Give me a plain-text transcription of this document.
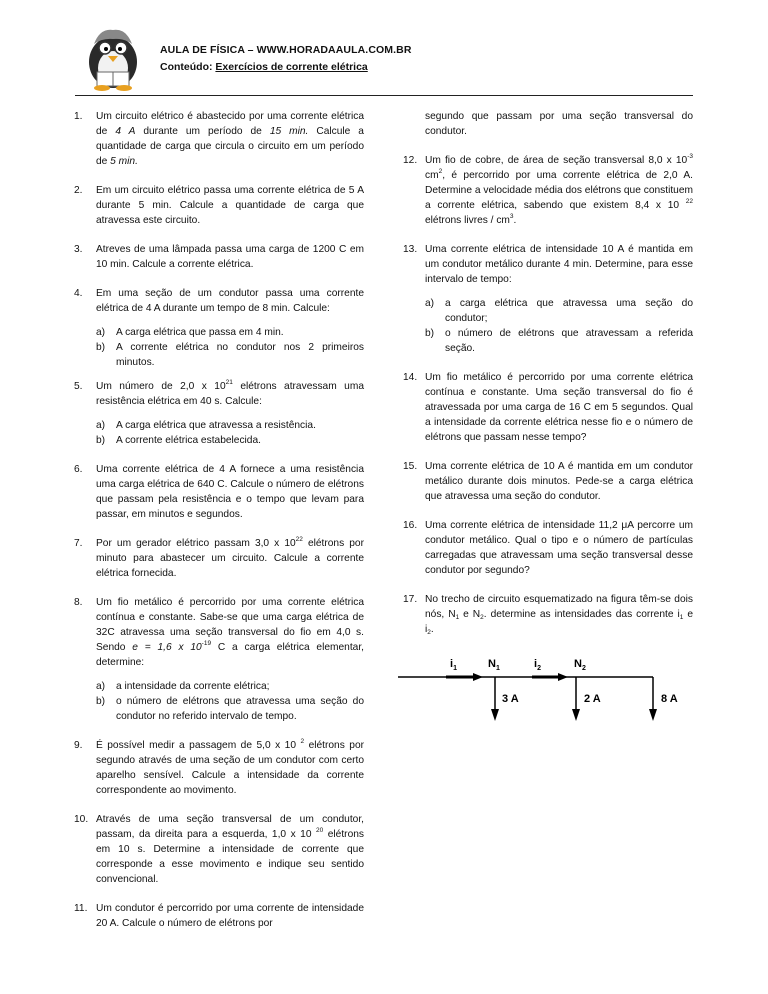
AULA DE FÍSICA – WWW.HORADAAULA.COM.BR
Conteúdo: Exercícios de corrente elétrica
1. Um circuito elétrico é abastecido por uma corrente elétrica de 4 A durante um período de 15 min. Calcule a quantidade de carga que circula o circuito em um período de 5 min.
2. Em um circuito elétrico passa uma corrente elétrica de 5 A durante 5 min. Calcule a quantidade de carga que atravessa este circuito.
3. Atreves de uma lâmpada passa uma carga de 1200 C em 10 min. Calcule a corrente elétrica.
4. Em uma seção de um condutor passa uma corrente elétrica de 4 A durante um tempo de 8 min. Calcule:
a) A carga elétrica que passa em 4 min.
b) A corrente elétrica no condutor nos 2 primeiros minutos.
5. Um número de 2,0 x $10^{21}$ elétrons atravessam uma resistência elétrica em 40 s. Calcule:
a) A carga elétrica que atravessa a resistência.
b) A corrente elétrica estabelecida.
6. Uma corrente elétrica de 4 A fornece a uma resistência uma carga elétrica de 640 C. Calcule o número de elétrons que passam pela resistência e o tempo que levam para passar, em minutos e segundos.
7. Por um gerador elétrico passam 3,0 x $10^{22}$ elétrons por minuto para abastecer um circuito. Calcule a corrente elétrica fornecida.
8. Um fio metálico é percorrido por uma corrente elétrica contínua e constante. Sabe-se que uma carga elétrica de 32C atravessa uma seção transversal do fio em 4,0 s. Sendo e = 1,6 x $10^{-19}$ C a carga elétrica elementar, determine:
a) a intensidade da corrente elétrica;
b) o número de elétrons que atravessa uma seção do condutor no referido intervalo de tempo.
9. É possível medir a passagem de 5,0 x 10 $^2$ elétrons por segundo através de uma seção de um condutor com certo aparelho sensível. Calcule a intensidade da corrente correspondente ao movimento.
10. Através de uma seção transversal de um condutor, passam, da direita para a esquerda, 1,0 x 10 $^{20}$ elétrons em 10 s. Determine a intensidade de corrente que corresponde a esse movimento e indique seu sentido convencional.
11. Um condutor é percorrido por uma corrente de intensidade 20 A. Calcule o número de elétrons por
segundo que passam por uma seção transversal do condutor.
12. Um fio de cobre, de área de seção transversal 8,0 x $10^{-3}$ $cm^2$, é percorrido por uma corrente elétrica de 2,0 A. Determine a velocidade média dos elétrons que constituem a corrente elétrica, sabendo que existem 8,4 x 10 $^{22}$ elétrons livres / $cm^3$.
13. Uma corrente elétrica de intensidade 10 A é mantida em um condutor metálico durante 4 min. Determine, para esse intervalo de tempo:
a) a carga elétrica que atravessa uma seção do condutor;
b) o número de elétrons que atravessam a referida seção.
14. Um fio metálico é percorrido por uma corrente elétrica contínua e constante. Uma seção transversal do fio é atravessada por uma carga de 16 C em 5 segundos. Qual a intensidade da corrente elétrica nesse fio e o número de elétrons que passam nesse tempo?
15. Uma corrente elétrica de 10 A é mantida em um condutor metálico durante dois minutos. Pede-se a carga elétrica que atravessa uma seção do condutor.
16. Uma corrente elétrica de intensidade 11,2 μA percorre um condutor metálico. Qual o tipo e o número de partículas carregadas que atravessam uma seção transversal desse condutor por segundo?
17. No trecho de circuito esquematizado na figura têm-se dois nós, $N_1$ e $N_2$. determine as intensidades das corrente $i_1$ e $i_2$.
$i_1$	$N_1$	$i_2$	$N_2$
3 A	2 A	8 A
